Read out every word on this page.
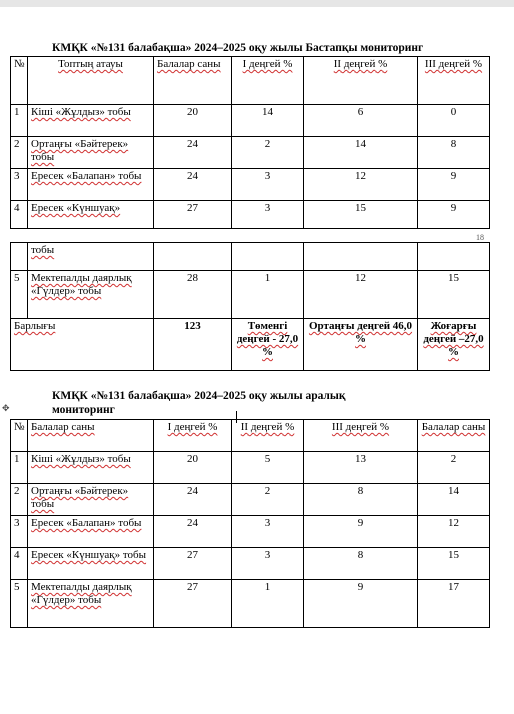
КМҚК «№131 балабақша» 2024–2025 оқу жылы Бастапқы мониторинг
№	Топтың атауы	Балалар саны	I деңгей %	II деңгей %	III деңгей %
1	Кіші «Жұлдыз» тобы	20	14	6	0
2	Ортаңғы «Бәйтерек» тобы	24	2	14	8
3	Ересек «Балапан» тобы	24	3	12	9
4	Ересек «Күншуақ»	27	3	15	9
18
	тобы				
5	Мектепалды даярлық «Гүлдер» тобы	28	1	12	15
Барлығы		123	Төменгі деңгей - 27,0 %	Ортаңғы деңгей 46,0 %	Жоғарғы деңгей –27,0 %
✥
КМҚК «№131 балабақша» 2024–2025 оқу жылы аралық
мониторинг
№	Балалар саны	I деңгей %	II деңгей %	III деңгей %	Балалар саны
1	Кіші «Жұлдыз» тобы	20	5	13	2
2	Ортаңғы «Бәйтерек» тобы	24	2	8	14
3	Ересек «Балапан» тобы	24	3	9	12
4	Ересек «Күншуақ» тобы	27	3	8	15
5	Мектепалды даярлық «Гүлдер» тобы	27	1	9	17
